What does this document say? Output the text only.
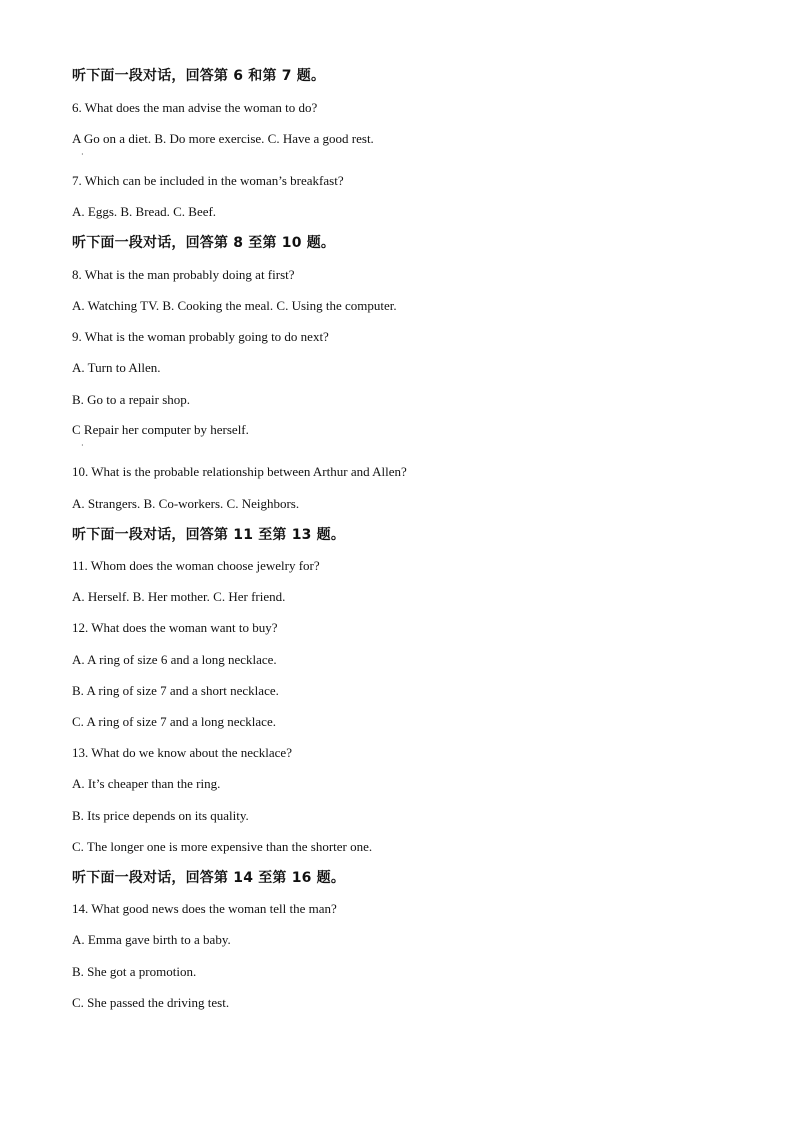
听下面一段对话，回答第 6 和第 7 题。

6. What does the man advise the woman to do?

A Go on a diet. B. Do more exercise. C. Have a good rest.

·

7. Which can be included in the woman’s breakfast?

A. Eggs. B. Bread. C. Beef.

听下面一段对话，回答第 8 至第 10 题。

8. What is the man probably doing at first?

A. Watching TV. B. Cooking the meal. C. Using the computer.

9. What is the woman probably going to do next?

A. Turn to Allen.

B. Go to a repair shop.

C Repair her computer by herself.

·

10. What is the probable relationship between Arthur and Allen?

A. Strangers. B. Co-workers. C. Neighbors.

听下面一段对话，回答第 11 至第 13 题。

11. Whom does the woman choose jewelry for?

A. Herself. B. Her mother. C. Her friend.

12. What does the woman want to buy?

A. A ring of size 6 and a long necklace.

B. A ring of size 7 and a short necklace.

C. A ring of size 7 and a long necklace.

13. What do we know about the necklace?

A. It’s cheaper than the ring.

B. Its price depends on its quality.

C. The longer one is more expensive than the shorter one.

听下面一段对话，回答第 14 至第 16 题。

14. What good news does the woman tell the man?

A. Emma gave birth to a baby.

B. She got a promotion.

C. She passed the driving test.
